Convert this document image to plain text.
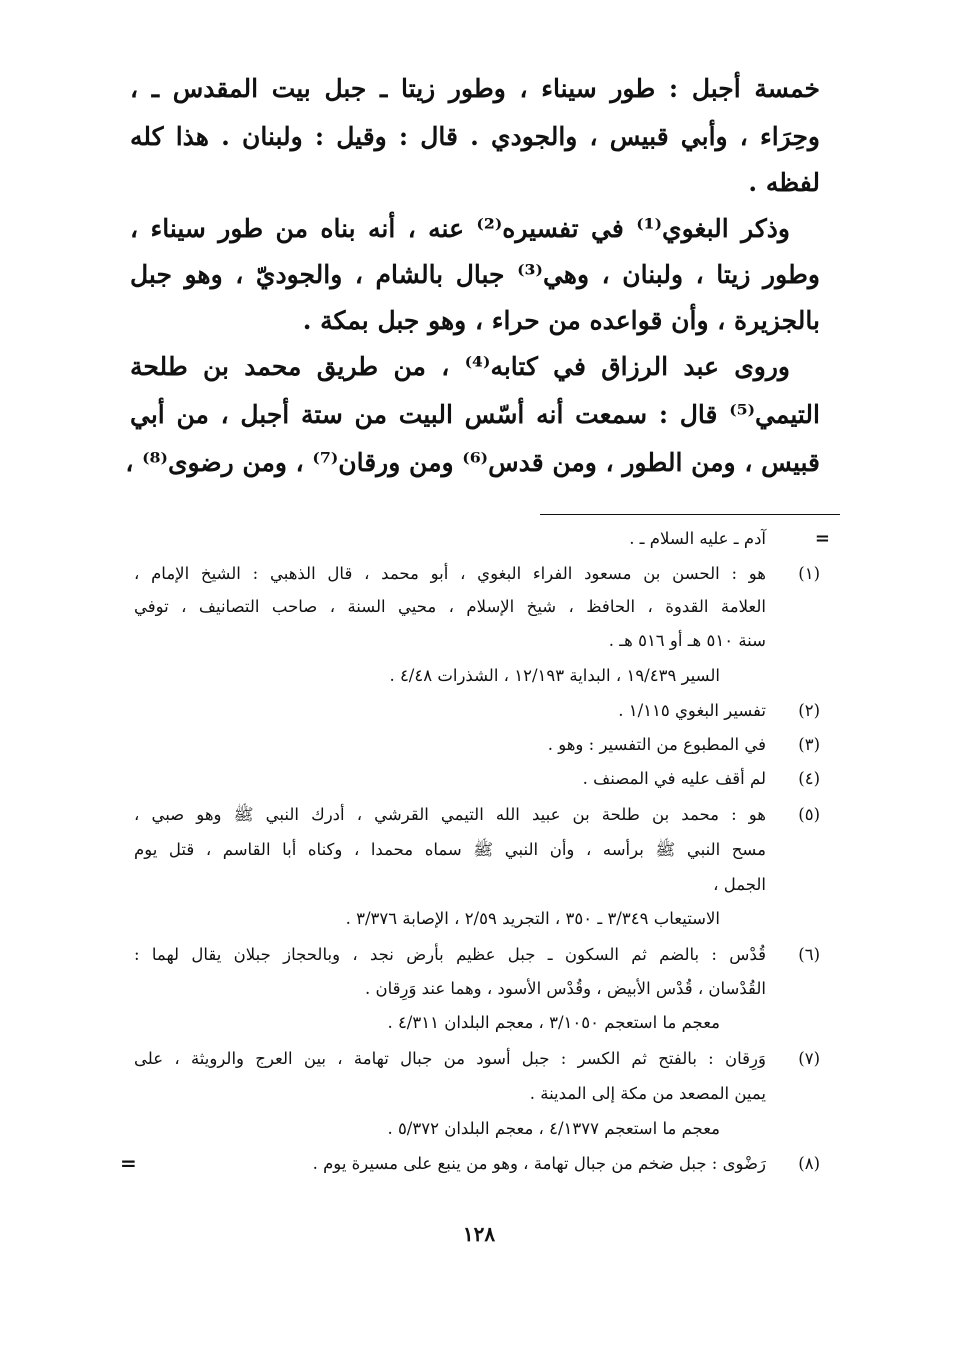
خمسة أجبل : طور سيناء ، وطور زيتا ـ جبل بيت المقدس ـ ،
وحِرَاء ، وأبي قبيس ، والجودي . قال : وقيل : ولبنان . هذا كله
لفظه .
وذكر البغوي⁽¹⁾ في تفسيره⁽²⁾ عنه ، أنه بناه من طور سيناء ،
وطور زيتا ، ولبنان ، وهي⁽³⁾ جبال بالشام ، والجوديّ ، وهو جبل
بالجزيرة ، وأن قواعده من حراء ، وهو جبل بمكة .
وروى عبد الرزاق في كتابه⁽⁴⁾ ، من طريق محمد بن طلحة
التيمي⁽⁵⁾ قال : سمعت أنه أسّس البيت من ستة أجبل ، من أبي
قبيس ، ومن الطور ، ومن قدس⁽⁶⁾ ومن ورقان⁽⁷⁾ ، ومن رضوى⁽⁸⁾ ،
=
آدم ـ عليه السلام ـ .
(١)
هو : الحسن بن مسعود الفراء البغوي ، أبو محمد ، قال الذهبي : الشيخ الإمام ،
العلامة القدوة ، الحافظ ، شيخ الإسلام ، محيي السنة ، صاحب التصانيف ، توفي
سنة ٥١٠ هـ أو ٥١٦ هـ .
السير ١٩/٤٣٩ ، البداية ١٢/١٩٣ ، الشذرات ٤/٤٨ .
(٢)
تفسير البغوي ١/١١٥ .
(٣)
في المطبوع من التفسير : وهو .
(٤)
لم أقف عليه في المصنف .
(٥)
هو : محمد بن طلحة بن عبيد الله التيمي القرشي ، أدرك النبي ﷺ وهو صبي ،
مسح النبي ﷺ برأسه ، وأن النبي ﷺ سماه محمدا ، وكناه أبا القاسم ، قتل يوم
الجمل ،
الاستيعاب ٣/٣٤٩ ـ ٣٥٠ ، التجريد ٢/٥٩ ، الإصابة ٣/٣٧٦ .
(٦)
قُدْس : بالضم ثم السكون ـ جبل عظيم بأرض نجد ، وبالحجاز جبلان يقال لهما :
القُدْسان ، قُدْس الأبيض ، وقُدْس الأسود ، وهما عند وَرِقان .
معجم ما استعجم ٣/١٠٥٠ ، معجم البلدان ٤/٣١١ .
(٧)
وَرِقان : بالفتح ثم الكسر : جبل أسود من جبال تهامة ، بين العرج والرويثة ، على
يمين المصعد من مكة إلى المدينة .
معجم ما استعجم ٤/١٣٧٧ ، معجم البلدان ٥/٣٧٢ .
(٨)
رَضْوى : جبل ضخم من جبال تهامة ، وهو من ينبع على مسيرة يوم .
=
١٢٨
